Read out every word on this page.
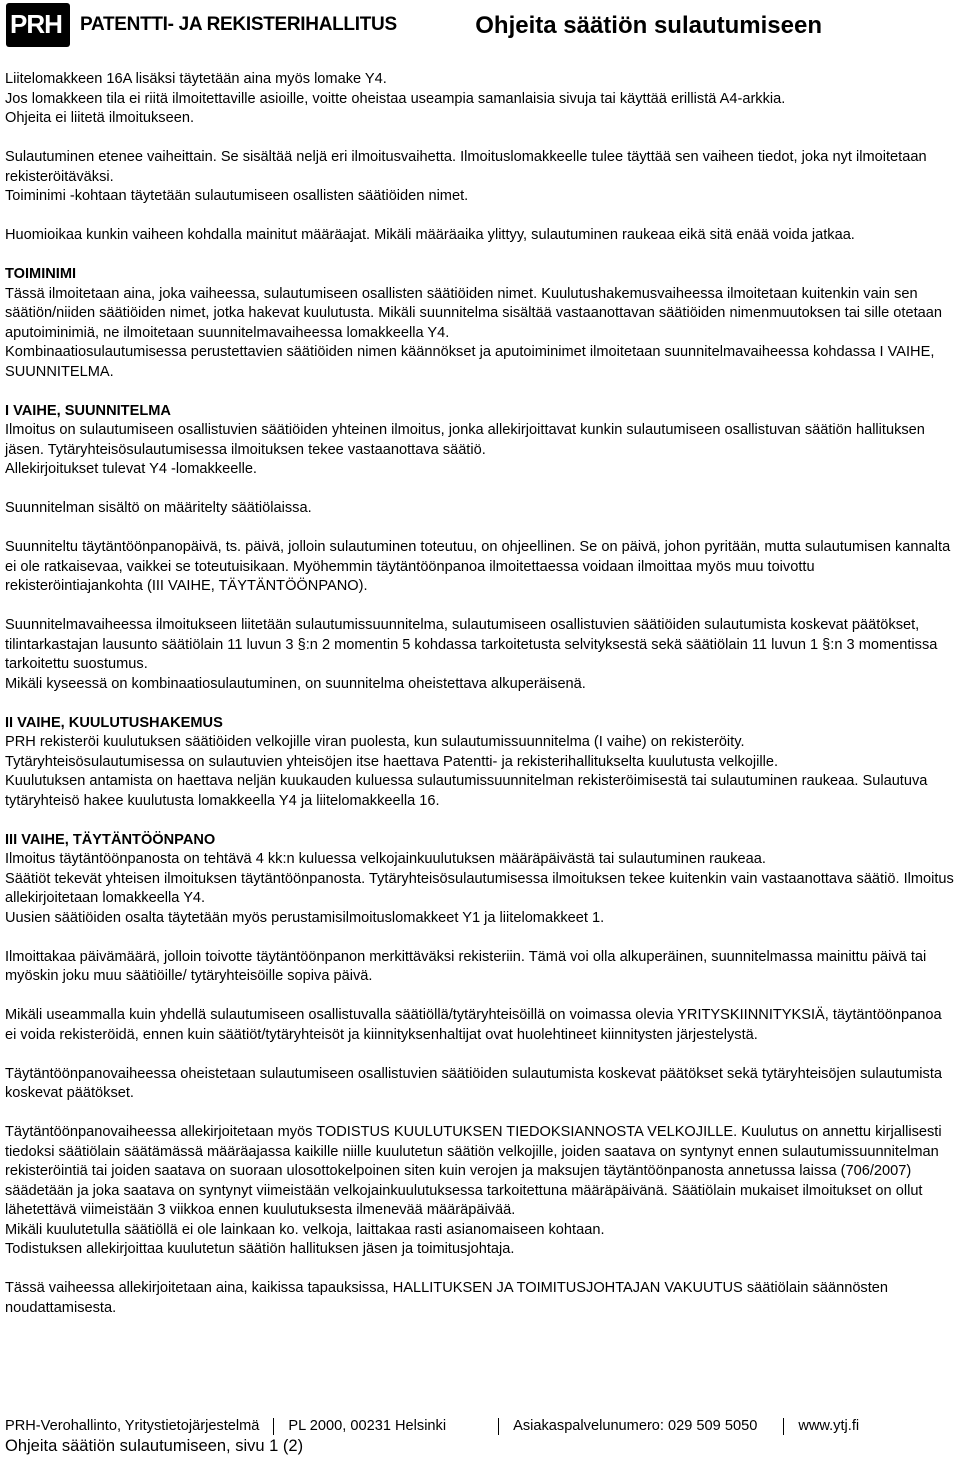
PRH PATENTTI- JA REKISTERIHALLITUS	Ohjeita säätiön sulautumiseen

Liitelomakkeen 16A lisäksi täytetään aina myös lomake Y4.

Jos lomakkeen tila ei riitä ilmoitettaville asioille, voitte oheistaa useampia samanlaisia sivuja tai käyttää erillistä A4-arkkia.

Ohjeita ei liitetä ilmoitukseen.

Sulautuminen etenee vaiheittain. Se sisältää neljä eri ilmoitusvaihetta. Ilmoituslomakkeelle tulee täyttää sen vaiheen tiedot, joka nyt ilmoitetaan rekisteröitäväksi.

Toiminimi -kohtaan täytetään sulautumiseen osallisten säätiöiden nimet.

Huomioikaa kunkin vaiheen kohdalla mainitut määräajat. Mikäli määräaika ylittyy, sulautuminen raukeaa eikä sitä enää voida jatkaa.

TOIMINIMI

Tässä ilmoitetaan aina, joka vaiheessa, sulautumiseen osallisten säätiöiden nimet. Kuulutushakemusvaiheessa ilmoitetaan kuitenkin vain sen säätiön/niiden säätiöiden nimet, jotka hakevat kuulutusta. Mikäli suunnitelma sisältää vastaanottavan säätiöiden nimenmuutoksen tai sille otetaan aputoiminimiä, ne ilmoitetaan suunnitelmavaiheessa lomakkeella Y4.

Kombinaatiosulautumisessa perustettavien säätiöiden nimen käännökset ja aputoiminimet ilmoitetaan suunnitelmavaiheessa kohdassa I VAIHE, SUUNNITELMA.

I VAIHE, SUUNNITELMA

Ilmoitus on sulautumiseen osallistuvien säätiöiden yhteinen ilmoitus, jonka allekirjoittavat kunkin sulautumiseen osallistuvan säätiön hallituksen jäsen. Tytäryhteisösulautumisessa ilmoituksen tekee vastaanottava säätiö.

Allekirjoitukset tulevat Y4 -lomakkeelle.

Suunnitelman sisältö on määritelty säätiölaissa.

Suunniteltu täytäntöönpanopäivä, ts. päivä, jolloin sulautuminen toteutuu, on ohjeellinen. Se on päivä, johon pyritään, mutta sulautumisen kannalta ei ole ratkaisevaa, vaikkei se toteutuisikaan. Myöhemmin täytäntöönpanoa ilmoitettaessa voidaan ilmoittaa myös muu toivottu rekisteröintiajankohta (III VAIHE, TÄYTÄNTÖÖNPANO).

Suunnitelmavaiheessa ilmoitukseen liitetään sulautumissuunnitelma, sulautumiseen osallistuvien säätiöiden sulautumista koskevat päätökset, tilintarkastajan lausunto säätiölain 11 luvun 3 §:n 2 momentin 5 kohdassa tarkoitetusta selvityksestä sekä säätiölain 11 luvun 1 §:n 3 momentissa tarkoitettu suostumus.

Mikäli kyseessä on kombinaatiosulautuminen, on suunnitelma oheistettava alkuperäisenä.

II VAIHE, KUULUTUSHAKEMUS

PRH rekisteröi kuulutuksen säätiöiden velkojille viran puolesta, kun sulautumissuunnitelma (I vaihe) on rekisteröity.

Tytäryhteisösulautumisessa on sulautuvien yhteisöjen itse haettava Patentti- ja rekisterihallitukselta kuulutusta velkojille.

Kuulutuksen antamista on haettava neljän kuukauden kuluessa sulautumissuunnitelman rekisteröimisestä tai sulautuminen raukeaa. Sulautuva tytäryhteisö hakee kuulutusta lomakkeella Y4 ja liitelomakkeella 16.

III VAIHE, TÄYTÄNTÖÖNPANO

Ilmoitus täytäntöönpanosta on tehtävä 4 kk:n kuluessa velkojainkuulutuksen määräpäivästä tai sulautuminen raukeaa.

Säätiöt tekevät yhteisen ilmoituksen täytäntöönpanosta. Tytäryhteisösulautumisessa ilmoituksen tekee kuitenkin vain vastaanottava säätiö. Ilmoitus allekirjoitetaan lomakkeella Y4.

Uusien säätiöiden osalta täytetään myös perustamisilmoituslomakkeet Y1 ja liitelomakkeet 1.

Ilmoittakaa päivämäärä, jolloin toivotte täytäntöönpanon merkittäväksi rekisteriin. Tämä voi olla alkuperäinen, suunnitelmassa mainittu päivä tai myöskin joku muu säätiöille/ tytäryhteisöille sopiva päivä.

Mikäli useammalla kuin yhdellä sulautumiseen osallistuvalla säätiöllä/tytäryhteisöillä on voimassa olevia YRITYSKIINNITYKSIÄ, täytäntöönpanoa ei voida rekisteröidä, ennen kuin säätiöt/tytäryhteisöt ja kiinnityksenhaltijat ovat huolehtineet kiinnitysten järjestelystä.

Täytäntöönpanovaiheessa oheistetaan sulautumiseen osallistuvien säätiöiden sulautumista koskevat päätökset sekä tytäryhteisöjen sulautumista koskevat päätökset.

Täytäntöönpanovaiheessa allekirjoitetaan myös TODISTUS KUULUTUKSEN TIEDOKSIANNOSTA VELKOJILLE. Kuulutus on annettu kirjallisesti tiedoksi säätiölain säätämässä määräajassa kaikille niille kuulutetun säätiön velkojille, joiden saatava on syntynyt ennen sulautumissuunnitelman rekisteröintiä tai joiden saatava on suoraan ulosottokelpoinen siten kuin verojen ja maksujen täytäntöönpanosta annetussa laissa (706/2007) säädetään ja joka saatava on syntynyt viimeistään velkojainkuulutuksessa tarkoitettuna määräpäivänä. Säätiölain mukaiset ilmoitukset on ollut lähetettävä viimeistään 3 viikkoa ennen kuulutuksesta ilmenevää määräpäivää.

Mikäli kuulutetulla säätiöllä ei ole lainkaan ko. velkoja, laittakaa rasti asianomaiseen kohtaan.

Todistuksen allekirjoittaa kuulutetun säätiön hallituksen jäsen ja toimitusjohtaja.

Tässä vaiheessa allekirjoitetaan aina, kaikissa tapauksissa, HALLITUKSEN JA TOIMITUSJOHTAJAN VAKUUTUS säätiölain säännösten noudattamisesta.

PRH-Verohallinto, Yritystietojärjestelmä PL 2000, 00231 Helsinki	Asiakaspalvelunumero: 029 509 5050	www.ytj.fi
Ohjeita säätiön sulautumiseen, sivu 1 (2)
